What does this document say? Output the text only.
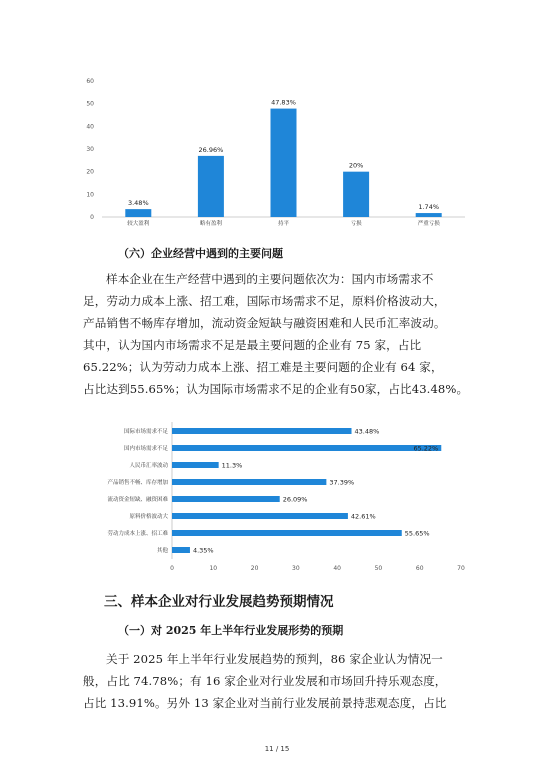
0
10
20
30
40
50
60
3.48%
26.96%
47.83%
20%
1.74%
较大盈利	略有盈利	持平	亏损	严重亏损
（六）企业经营中遇到的主要问题

样本企业在生产经营中遇到的主要问题依次为：国内市场需求不

足，劳动力成本上涨、招工难，国际市场需求不足，原料价格波动大，

产品销售不畅库存增加，流动资金短缺与融资困难和人民币汇率波动。

其中，认为国内市场需求不足是最主要问题的企业有 75 家，占比

65.22%；认为劳动力成本上涨、招工难是主要问题的企业有 64 家，

占比达到55.65%；认为国际市场需求不足的企业有50家，占比43.48%。

43.48%
65.22%
11.3%
37.39%
26.09%
42.61%
55.65%
4.35%
国际市场需求不足
国内市场需求不足
人民币汇率波动
产品销售不畅、库存增加
流动资金短缺、融资困难
原料价格波动大
劳动力成本上涨、招工难
其他
0	10	20	30	40	50	60	70
三、样本企业对行业发展趋势预期情况
（一）对 2025 年上半年行业发展形势的预期

关于 2025 年上半年行业发展趋势的预判，86 家企业认为情况一

般，占比 74.78%；有 16 家企业对行业发展和市场回升持乐观态度，

占比 13.91%。另外 13 家企业对当前行业发展前景持悲观态度，占比

11 / 15
